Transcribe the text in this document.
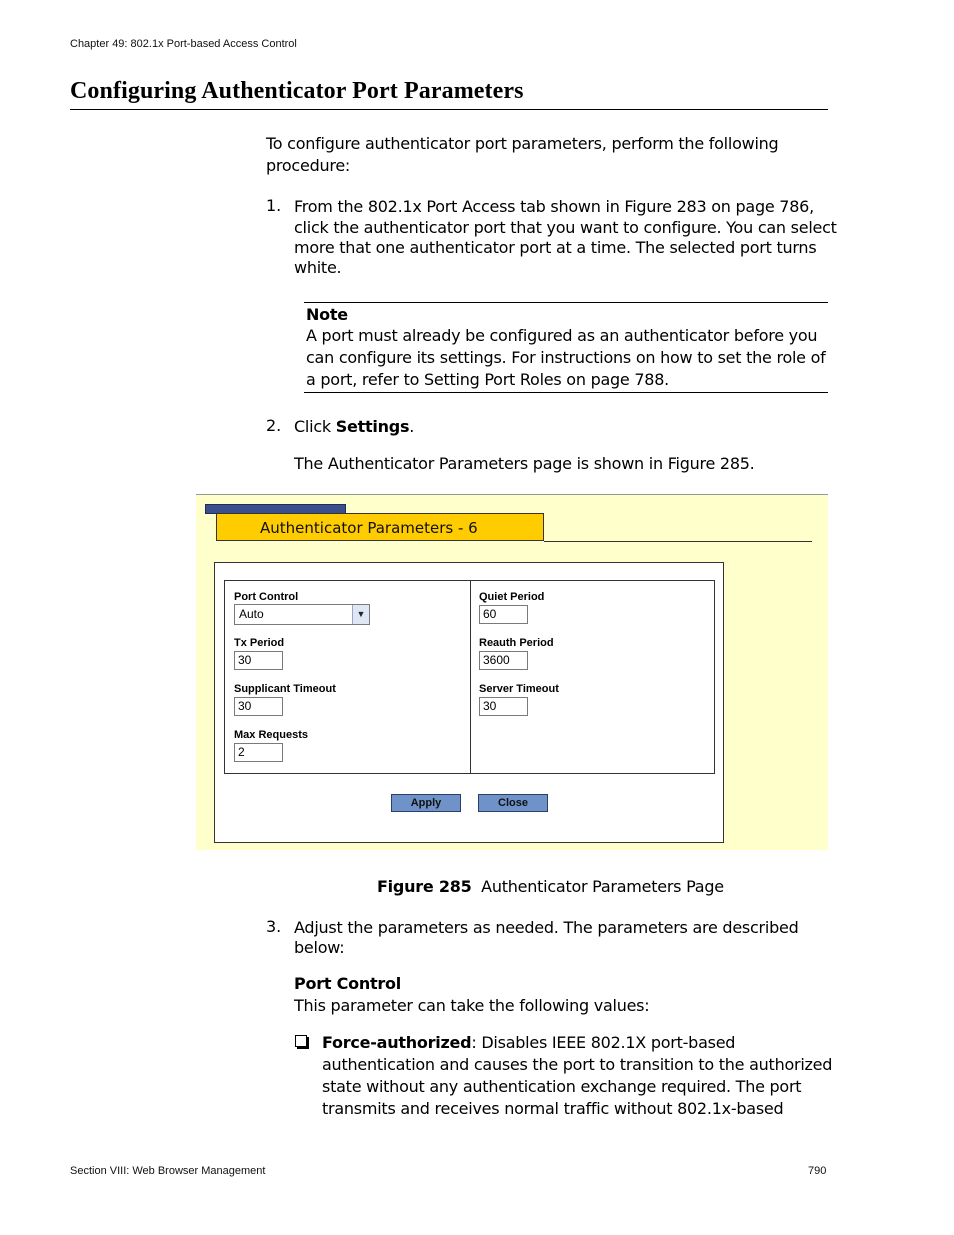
Chapter 49: 802.1x Port-based Access Control
Configuring Authenticator Port Parameters
To configure authenticator port parameters, perform the following
procedure:
1. From the 802.1x Port Access tab shown in Figure 283 on page 786,
click the authenticator port that you want to configure. You can select
more that one authenticator port at a time. The selected port turns
white.
Note
A port must already be configured as an authenticator before you
can configure its settings. For instructions on how to set the role of
a port, refer to Setting Port Roles on page 788.
2. Click Settings.
The Authenticator Parameters page is shown in Figure 285.
Authenticator Parameters - 6
Port Control
Auto	▼
Tx Period
30
Supplicant Timeout
30
Max Requests
2
Quiet Period
60
Reauth Period
3600
Server Timeout
30
Apply	Close
Figure 285 Authenticator Parameters Page
3. Adjust the parameters as needed. The parameters are described
below:
Port Control
This parameter can take the following values:
Force-authorized: Disables IEEE 802.1X port-based
authentication and causes the port to transition to the authorized
state without any authentication exchange required. The port
transmits and receives normal traffic without 802.1x-based
Section VIII: Web Browser Management	790
